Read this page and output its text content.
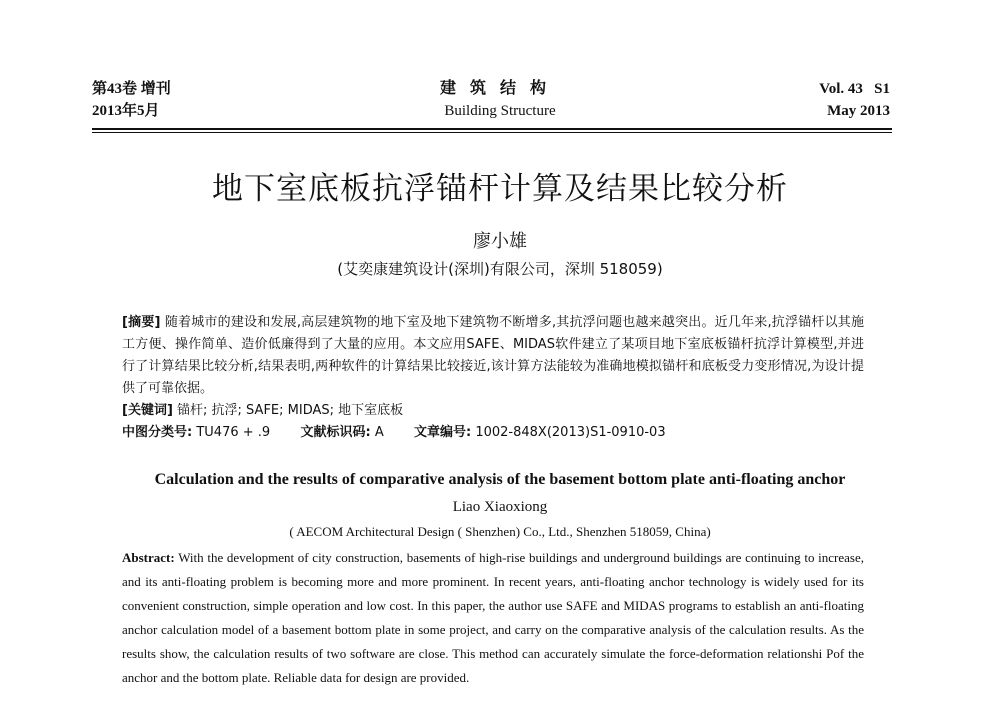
第43卷 增刊
2013年5月
建筑结构
Building Structure
Vol. 43   S1
May 2013
地下室底板抗浮锚杆计算及结果比较分析
廖小雄
(艾奕康建筑设计(深圳)有限公司，深圳 518059)
[摘要] 随着城市的建设和发展,高层建筑物的地下室及地下建筑物不断增多,其抗浮问题也越来越突出。近几年来,抗浮锚杆以其施工方便、操作简单、造价低廉得到了大量的应用。本文应用SAFE、MIDAS软件建立了某项目地下室底板锚杆抗浮计算模型,并进行了计算结果比较分析,结果表明,两种软件的计算结果比较接近,该计算方法能较为准确地模拟锚杆和底板受力变形情况,为设计提供了可靠依据。
[关键词] 锚杆; 抗浮; SAFE; MIDAS; 地下室底板
中图分类号: TU476 + .9 文献标识码: A 文章编号: 1002-848X(2013)S1-0910-03
Calculation and the results of comparative analysis of the basement bottom plate anti-floating anchor
Liao Xiaoxiong
( AECOM Architectural Design ( Shenzhen) Co., Ltd., Shenzhen 518059, China)
Abstract: With the development of city construction, basements of high-rise buildings and underground buildings are continuing to increase, and its anti-floating problem is becoming more and more prominent. In recent years, anti-floating anchor technology is widely used for its convenient construction, simple operation and low cost. In this paper, the author use SAFE and MIDAS programs to establish an anti-floating anchor calculation model of a basement bottom plate in some project, and carry on the comparative analysis of the calculation results. As the results show, the calculation results of two software are close. This method can accurately simulate the force-deformation relationshi Pof the anchor and the bottom plate. Reliable data for design are provided.
